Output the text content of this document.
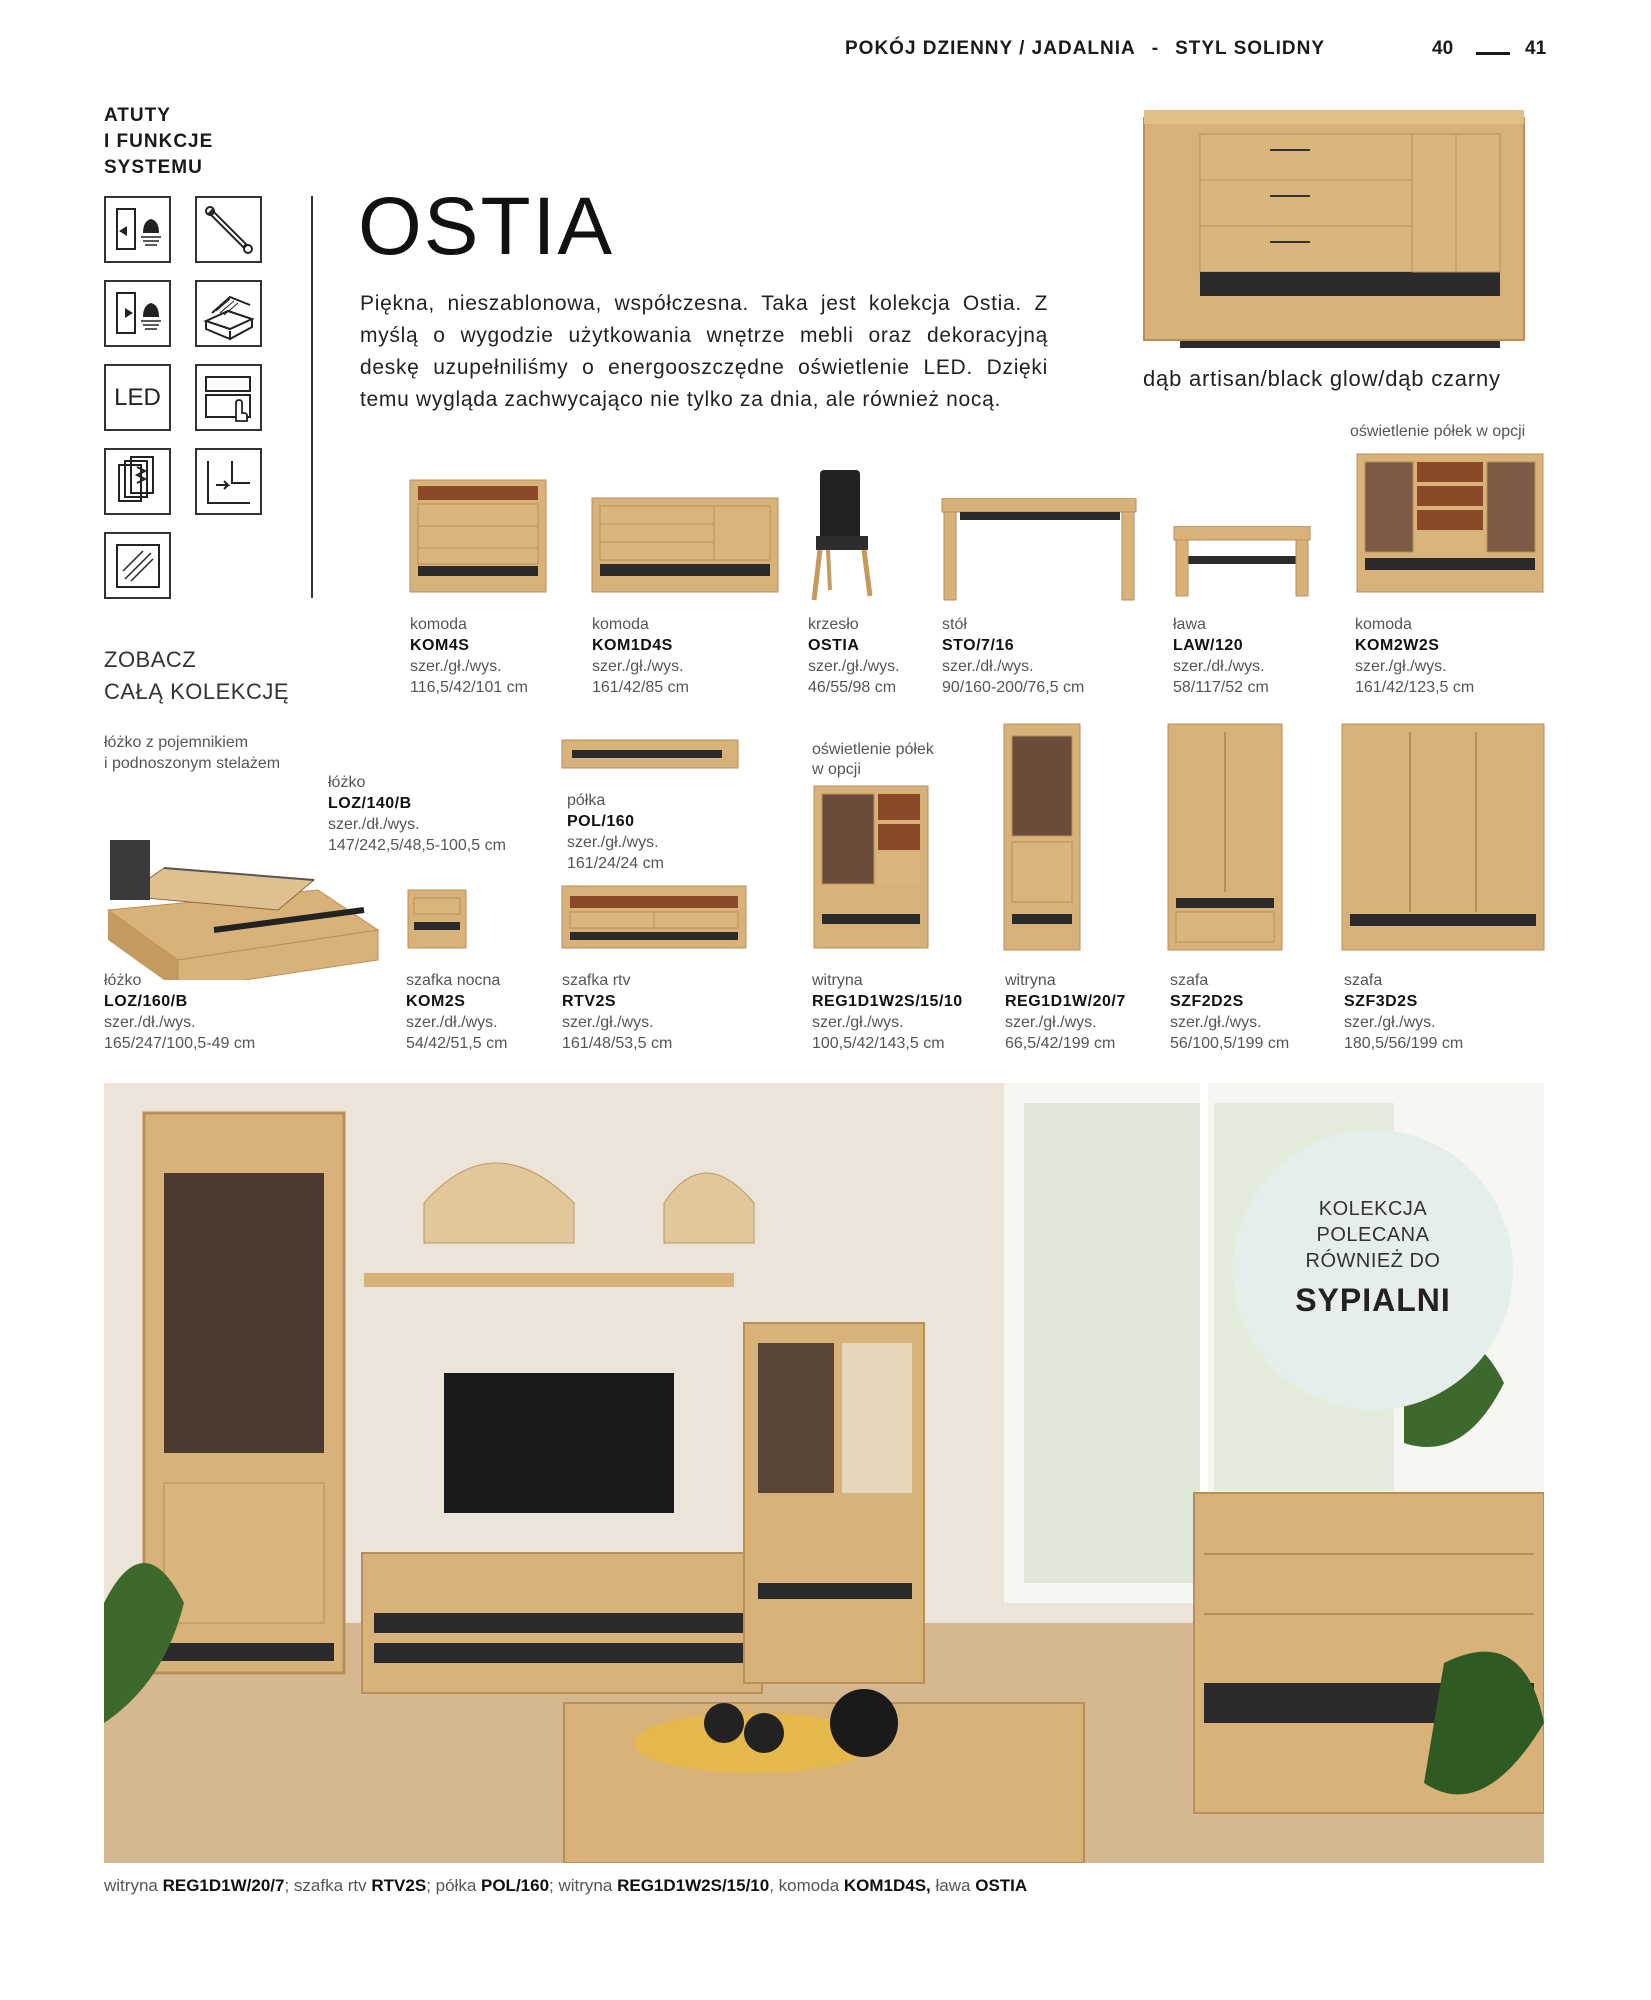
POKÓJ DZIENNY / JADALNIA - STYL SOLIDNY	40	41
ATUTY
I FUNKCJE
SYSTEMU
LED
OSTIA
Piękna, nieszablonowa, współczesna. Taka jest kolekcja Ostia. Z myślą o wygodzie użytkowania wnętrze mebli oraz dekoracyjną deskę uzupełniliśmy o energooszczędne oświetlenie LED. Dzięki temu wygląda zachwycająco nie tylko za dnia, ale również nocą.
dąb artisan/black glow/dąb czarny
oświetlenie półek w opcji
komoda
KOM4S
szer./gł./wys.
116,5/42/101 cm
komoda
KOM1D4S
szer./gł./wys.
161/42/85 cm
krzesło
OSTIA
szer./gł./wys.
46/55/98 cm
stół
STO/7/16
szer./dł./wys.
90/160-200/76,5 cm
ława
LAW/120
szer./dł./wys.
58/117/52 cm
komoda
KOM2W2S
szer./gł./wys.
161/42/123,5 cm
ZOBACZ
CAŁĄ KOLEKCJĘ
łóżko z pojemnikiem
i podnoszonym stelażem
łóżko
LOZ/140/B
szer./dł./wys.
147/242,5/48,5-100,5 cm
półka
POL/160
szer./gł./wys.
161/24/24 cm
oświetlenie półek
w opcji
łóżko
LOZ/160/B
szer./dł./wys.
165/247/100,5-49 cm
szafka nocna
KOM2S
szer./dł./wys.
54/42/51,5 cm
szafka rtv
RTV2S
szer./gł./wys.
161/48/53,5 cm
witryna
REG1D1W2S/15/10
szer./gł./wys.
100,5/42/143,5 cm
witryna
REG1D1W/20/7
szer./gł./wys.
66,5/42/199 cm
szafa
SZF2D2S
szer./gł./wys.
56/100,5/199 cm
szafa
SZF3D2S
szer./gł./wys.
180,5/56/199 cm
KOLEKCJA
POLECANA
RÓWNIEŻ DO
SYPIALNI
witryna REG1D1W/20/7; szafka rtv RTV2S; półka POL/160; witryna REG1D1W2S/15/10, komoda KOM1D4S, ława OSTIA
